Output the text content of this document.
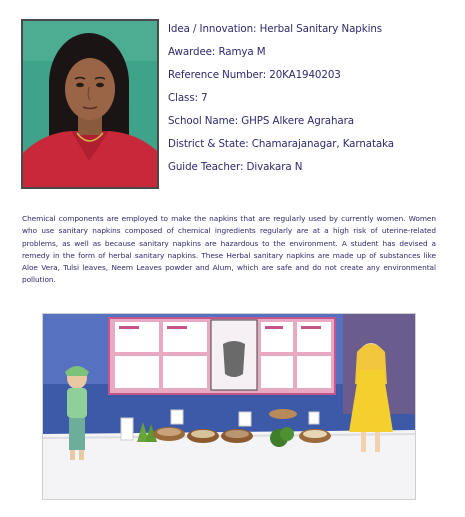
Idea / Innovation: Herbal Sanitary Napkins
Awardee: Ramya M
Reference Number: 20KA1940203
Class: 7
School Name: GHPS Alkere Agrahara
District & State: Chamarajanagar, Karnataka
Guide Teacher: Divakara N
Chemical components are employed to make the napkins that are regularly used by currently women. Women who use sanitary napkins composed of chemical ingredients regularly are at a high risk of uterine-related problems, as well as because sanitary napkins are hazardous to the environment. A student has devised a remedy in the form of herbal sanitary napkins. These Herbal sanitary napkins are made up of substances like Aloe Vera, Tulsi leaves, Neem Leaves powder and Alum, which are safe and do not create any environmental pollution.
